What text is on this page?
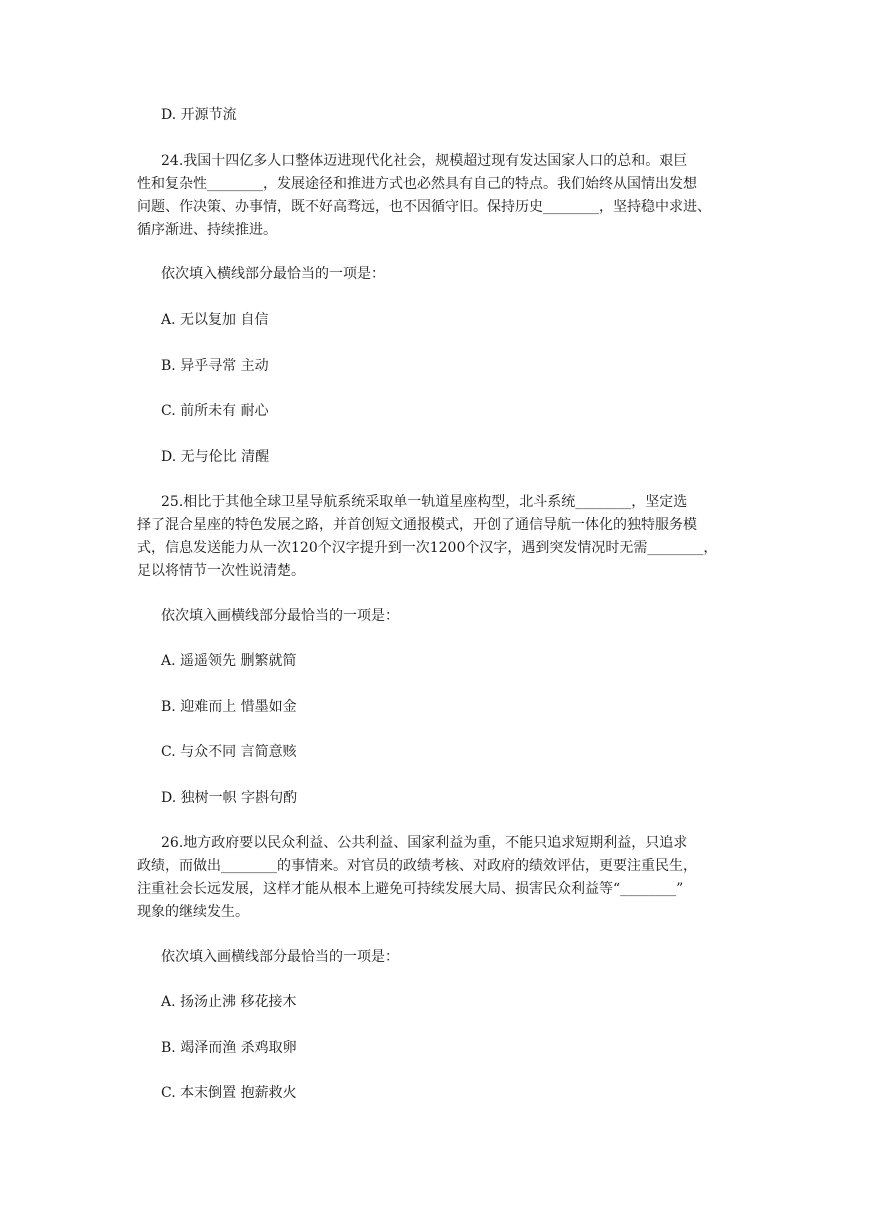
D. 开源节流
24.我国十四亿多人口整体迈进现代化社会，规模超过现有发达国家人口的总和。艰巨
性和复杂性________，发展途径和推进方式也必然具有自己的特点。我们始终从国情出发想
问题、作决策、办事情，既不好高骛远，也不因循守旧。保持历史________，坚持稳中求进、
循序渐进、持续推进。
依次填入横线部分最恰当的一项是：
A. 无以复加 自信
B. 异乎寻常 主动
C. 前所未有 耐心
D. 无与伦比 清醒
25.相比于其他全球卫星导航系统采取单一轨道星座构型，北斗系统________，坚定选
择了混合星座的特色发展之路，并首创短文通报模式，开创了通信导航一体化的独特服务模
式，信息发送能力从一次120个汉字提升到一次1200个汉字，遇到突发情况时无需________，
足以将情节一次性说清楚。
依次填入画横线部分最恰当的一项是：
A. 遥遥领先 删繁就简
B. 迎难而上 惜墨如金
C. 与众不同 言简意赅
D. 独树一帜 字斟句酌
26.地方政府要以民众利益、公共利益、国家利益为重，不能只追求短期利益，只追求
政绩，而做出________的事情来。对官员的政绩考核、对政府的绩效评估，更要注重民生，
注重社会长远发展，这样才能从根本上避免可持续发展大局、损害民众利益等“________”
现象的继续发生。
依次填入画横线部分最恰当的一项是：
A. 扬汤止沸 移花接木
B. 竭泽而渔 杀鸡取卵
C. 本末倒置 抱薪救火
